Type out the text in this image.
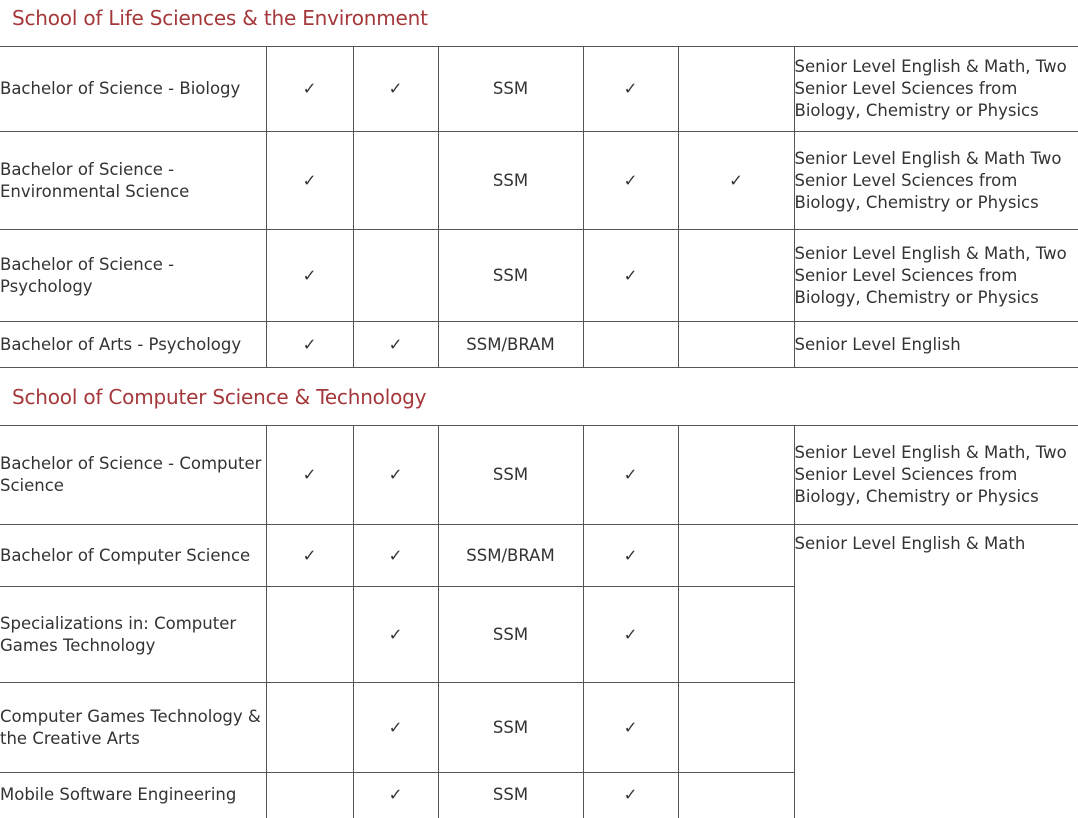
School of Life Sciences & the Environment
Bachelor of Science - Biology	✓	✓	SSM	✓		Senior Level English & Math, Two Senior Level Sciences from Biology, Chemistry or Physics
Bachelor of Science - Environmental Science	✓		SSM	✓	✓	Senior Level English & Math Two Senior Level Sciences from Biology, Chemistry or Physics
Bachelor of Science - Psychology	✓		SSM	✓		Senior Level English & Math, Two Senior Level Sciences from Biology, Chemistry or Physics
Bachelor of Arts - Psychology	✓	✓	SSM/BRAM			Senior Level English
School of Computer Science & Technology
Bachelor of Science - Computer Science	✓	✓	SSM	✓		Senior Level English & Math, Two Senior Level Sciences from Biology, Chemistry or Physics
Bachelor of Computer Science	✓	✓	SSM/BRAM	✓		Senior Level English & Math
Specializations in: Computer Games Technology		✓	SSM	✓		
Computer Games Technology & the Creative Arts		✓	SSM	✓		
Mobile Software Engineering		✓	SSM	✓		
